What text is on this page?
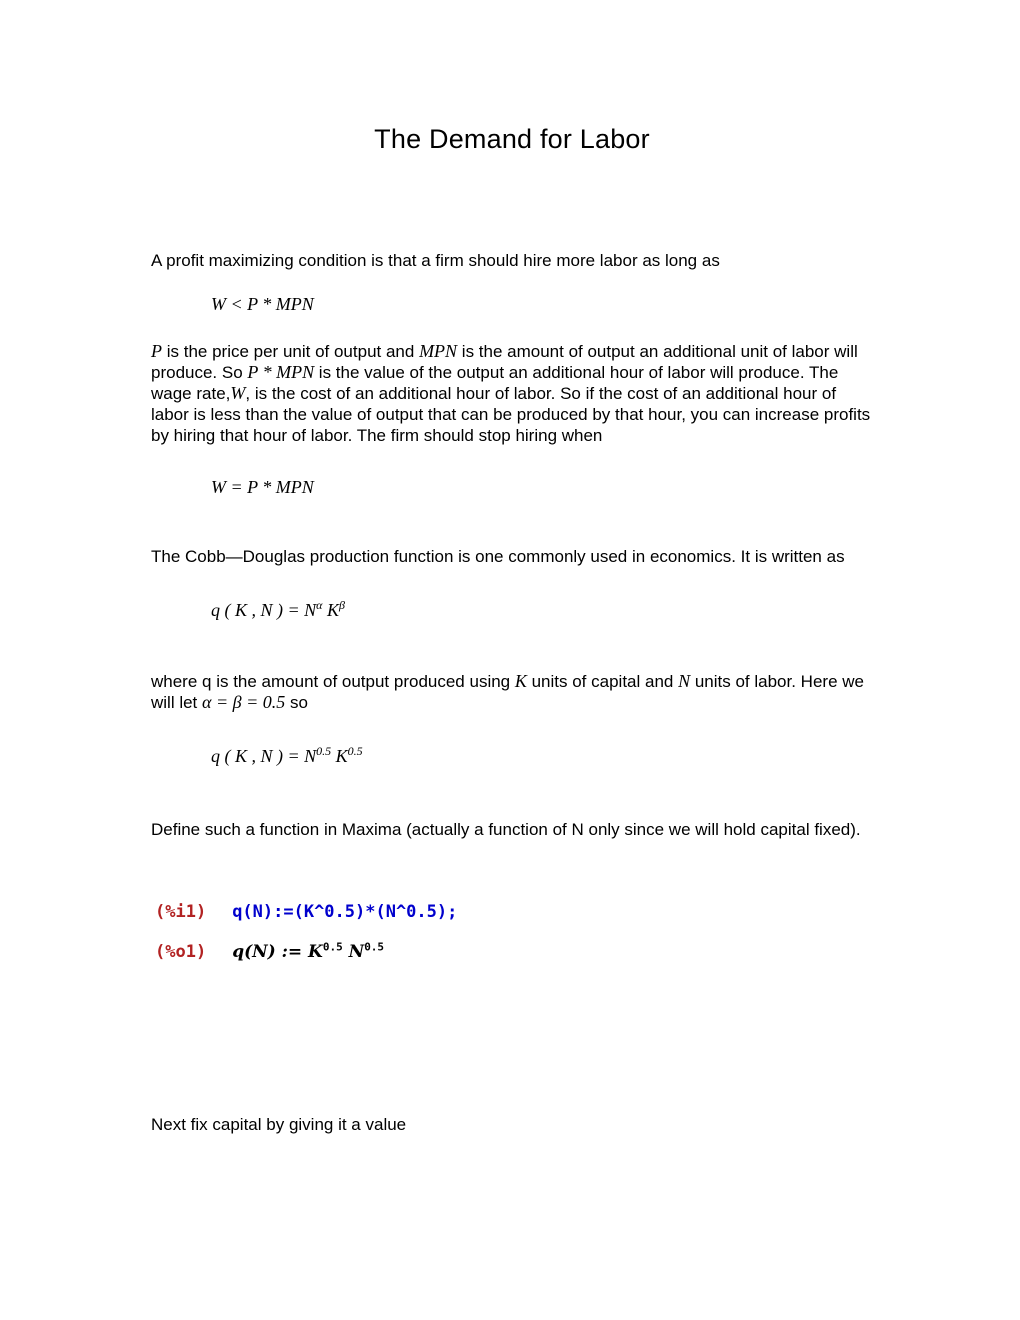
The Demand for Labor

A profit maximizing condition is that a firm should hire more labor as long as

W < P * MPN

P is the price per unit of output and MPN is the amount of output an additional unit of labor will produce. So P * MPN is the value of the output an additional hour of labor will produce. The wage rate,W, is the cost of an additional hour of labor. So if the cost of an additional hour of labor is less than the value of output that can be produced by that hour, you can increase profits by hiring that hour of labor. The firm should stop hiring when

W = P * MPN

The Cobb—Douglas production function is one commonly used in economics. It is written as

q ( K , N ) = $N^\alpha$ $K^\beta$

where q is the amount of output produced using K units of capital and N units of labor. Here we will let α = β = 0.5 so

q ( K , N ) = $N^{0.5}$ $K^{0.5}$

Define such a function in Maxima (actually a function of N only since we will hold capital fixed).

(%i1) q(N):=(K^0.5)*(N^0.5);
(%o1) q(N) := $K^{0.5}$ $N^{0.5}$

Next fix capital by giving it a value
